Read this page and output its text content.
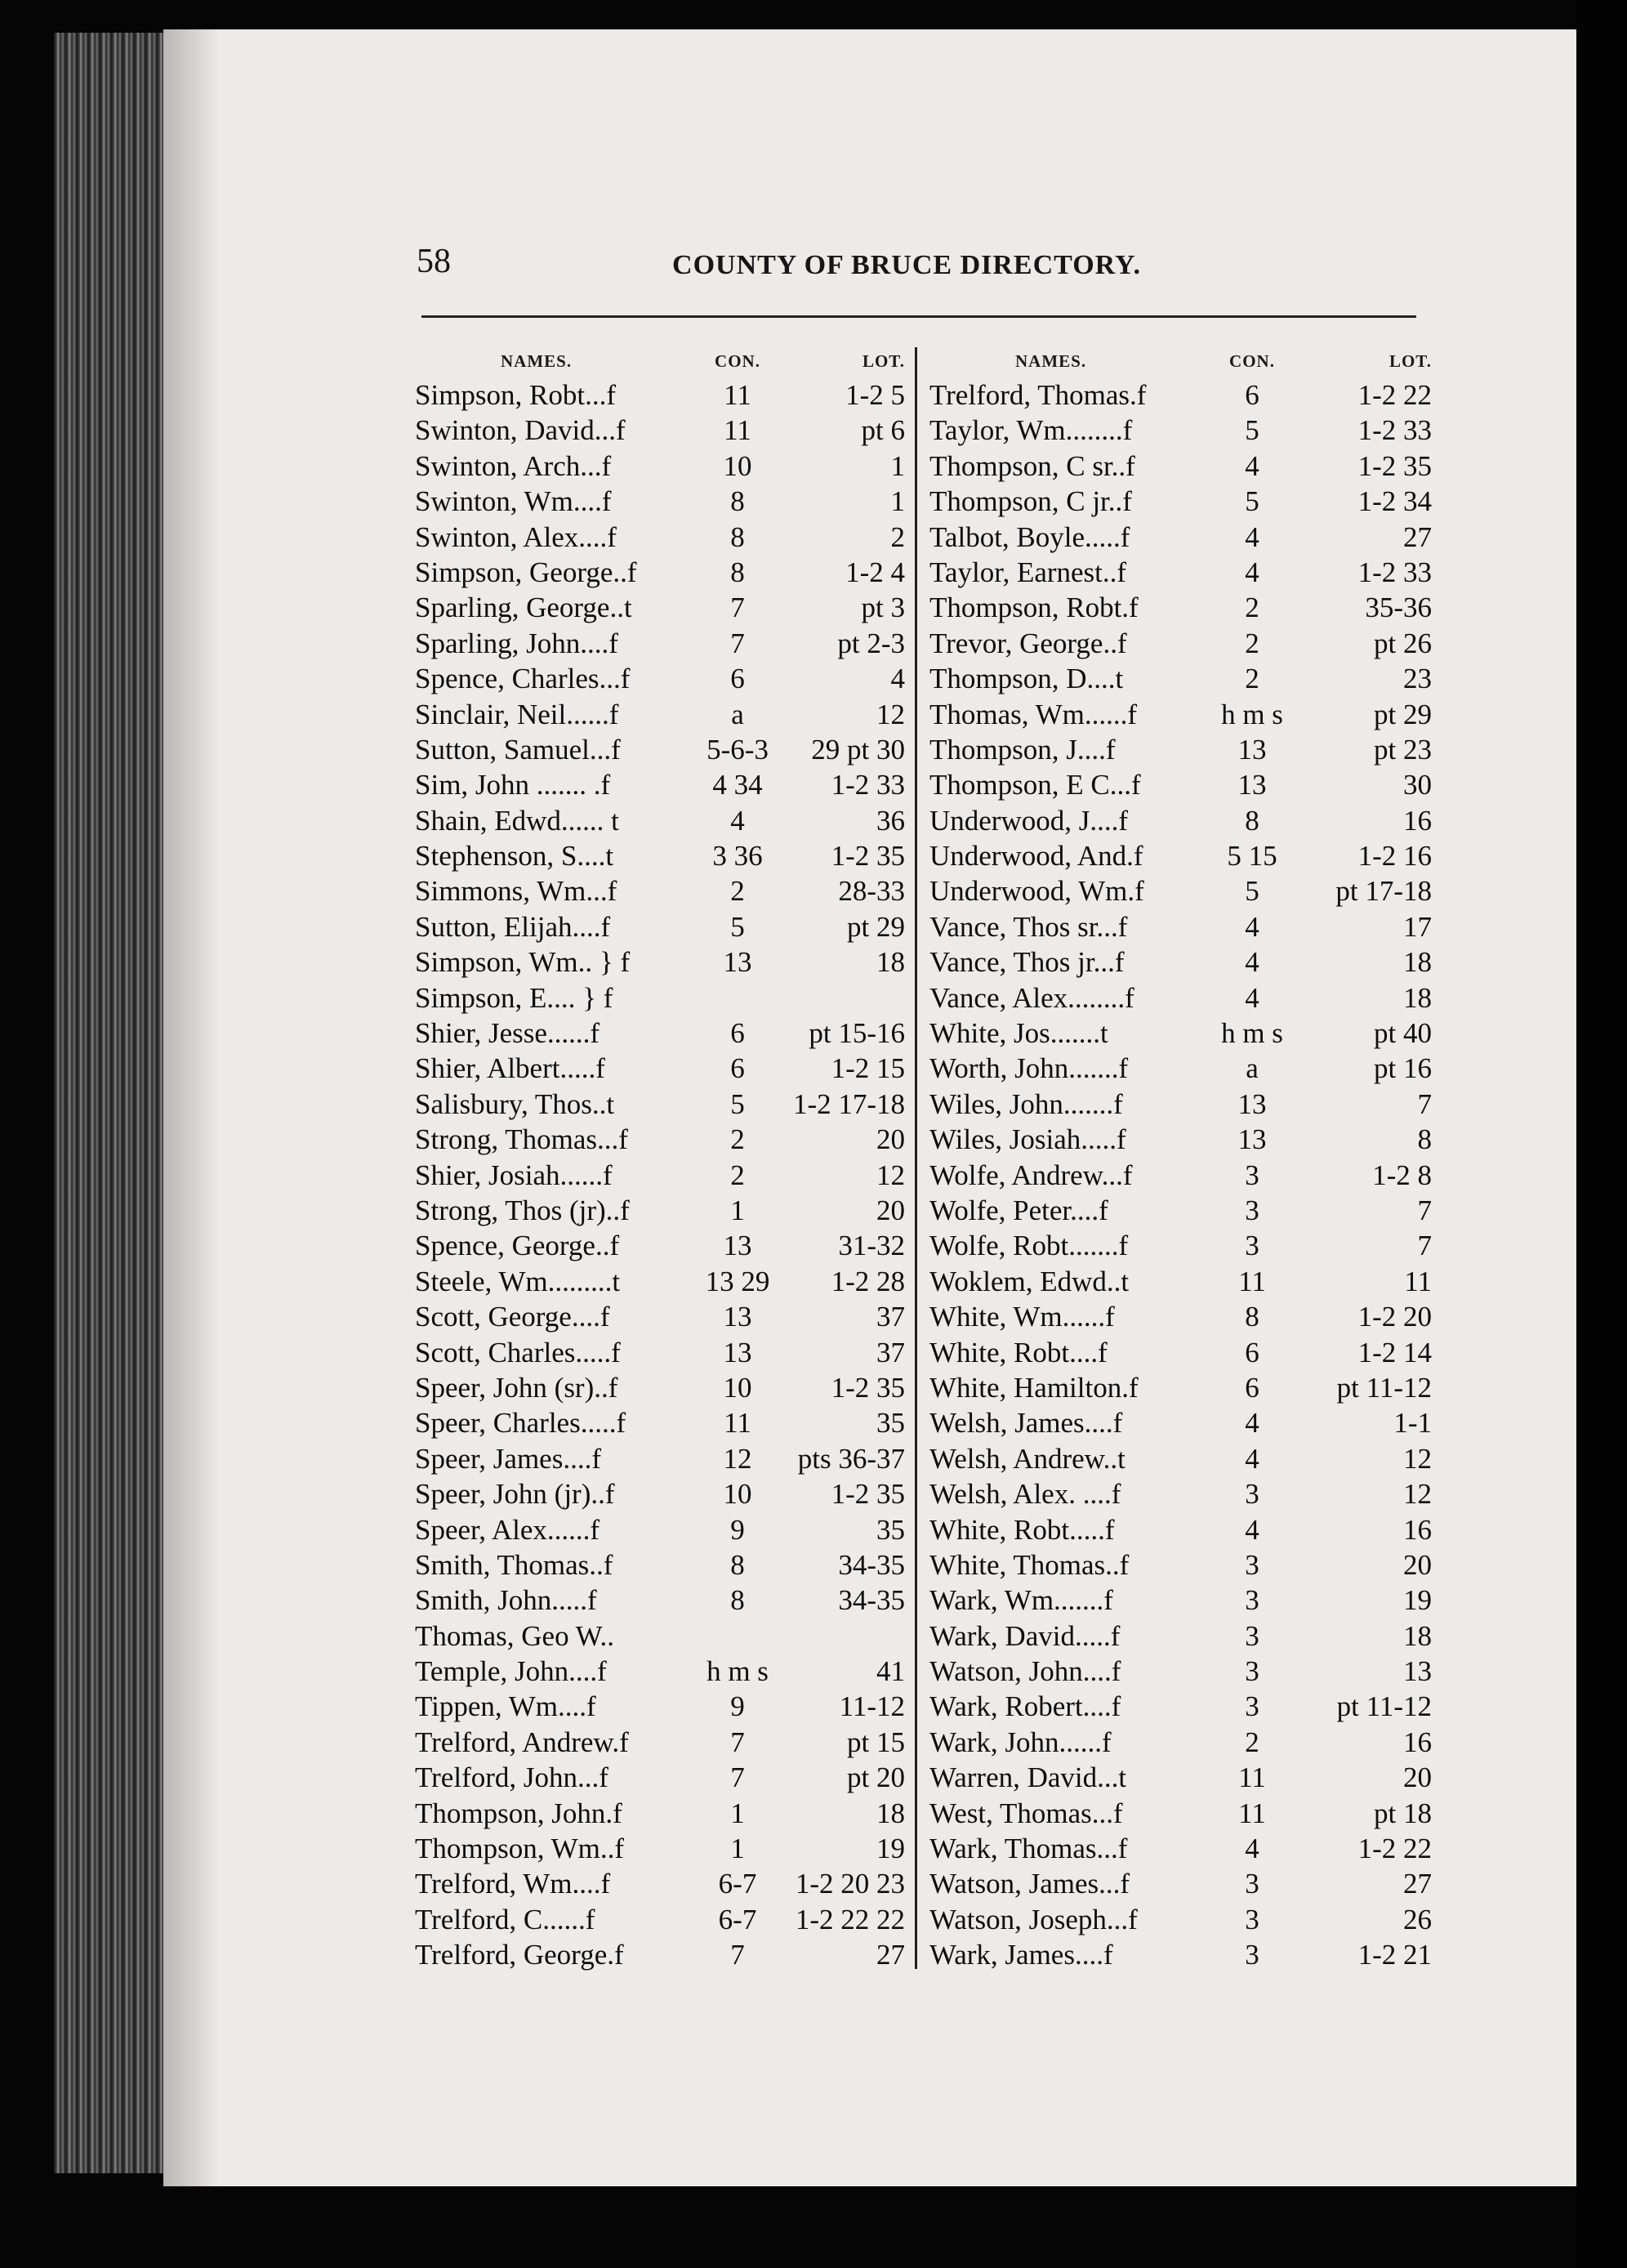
58	COUNTY OF BRUCE DIRECTORY.
NAMES.	CON.	LOT.
Simpson, Robt...f	11	1-2 5
Swinton, David...f	11	pt 6
Swinton, Arch...f	10	1
Swinton, Wm....f	8	1
Swinton, Alex....f	8	2
Simpson, George..f	8	1-2 4
Sparling, George..t	7	pt 3
Sparling, John....f	7	pt 2-3
Spence, Charles...f	6	4
Sinclair, Neil......f	a	12
Sutton, Samuel...f	5-6-3	29 pt 30
Sim, John ....... .f	4 34	1-2 33
Shain, Edwd...... t	4	36
Stephenson, S....t	3 36	1-2 35
Simmons, Wm...f	2	28-33
Sutton, Elijah....f	5	pt 29
Simpson, Wm.. } f	13	18
Simpson, E.... } f
Shier, Jesse......f	6	pt 15-16
Shier, Albert.....f	6	1-2 15
Salisbury, Thos..t	5	1-2 17-18
Strong, Thomas...f	2	20
Shier, Josiah......f	2	12
Strong, Thos (jr)..f	1	20
Spence, George..f	13	31-32
Steele, Wm.........t	13 29	1-2 28
Scott, George....f	13	37
Scott, Charles.....f	13	37
Speer, John (sr)..f	10	1-2 35
Speer, Charles.....f	11	35
Speer, James....f	12	pts 36-37
Speer, John (jr)..f	10	1-2 35
Speer, Alex......f	9	35
Smith, Thomas..f	8	34-35
Smith, John.....f	8	34-35
Thomas, Geo W..
Temple, John....f	h m s	41
Tippen, Wm....f	9	11-12
Trelford, Andrew.f	7	pt 15
Trelford, John...f	7	pt 20
Thompson, John.f	1	18
Thompson, Wm..f	1	19
Trelford, Wm....f	6-7	1-2 20 23
Trelford, C......f	6-7	1-2 22 22
Trelford, George.f	7	27
NAMES.	CON.	LOT.
Trelford, Thomas.f	6	1-2 22
Taylor, Wm........f	5	1-2 33
Thompson, C sr..f	4	1-2 35
Thompson, C jr..f	5	1-2 34
Talbot, Boyle.....f	4	27
Taylor, Earnest..f	4	1-2 33
Thompson, Robt.f	2	35-36
Trevor, George..f	2	pt 26
Thompson, D....t	2	23
Thomas, Wm......f	h m s	pt 29
Thompson, J....f	13	pt 23
Thompson, E C...f	13	30
Underwood, J....f	8	16
Underwood, And.f	5 15	1-2 16
Underwood, Wm.f	5	pt 17-18
Vance, Thos sr...f	4	17
Vance, Thos jr...f	4	18
Vance, Alex........f	4	18
White, Jos.......t	h m s	pt 40
Worth, John.......f	a	pt 16
Wiles, John.......f	13	7
Wiles, Josiah.....f	13	8
Wolfe, Andrew...f	3	1-2 8
Wolfe, Peter....f	3	7
Wolfe, Robt.......f	3	7
Woklem, Edwd..t	11	11
White, Wm......f	8	1-2 20
White, Robt....f	6	1-2 14
White, Hamilton.f	6	pt 11-12
Welsh, James....f	4	1-1
Welsh, Andrew..t	4	12
Welsh, Alex. ....f	3	12
White, Robt.....f	4	16
White, Thomas..f	3	20
Wark, Wm.......f	3	19
Wark, David.....f	3	18
Watson, John....f	3	13
Wark, Robert....f	3	pt 11-12
Wark, John......f	2	16
Warren, David...t	11	20
West, Thomas...f	11	pt 18
Wark, Thomas...f	4	1-2 22
Watson, James...f	3	27
Watson, Joseph...f	3	26
Wark, James....f	3	1-2 21
